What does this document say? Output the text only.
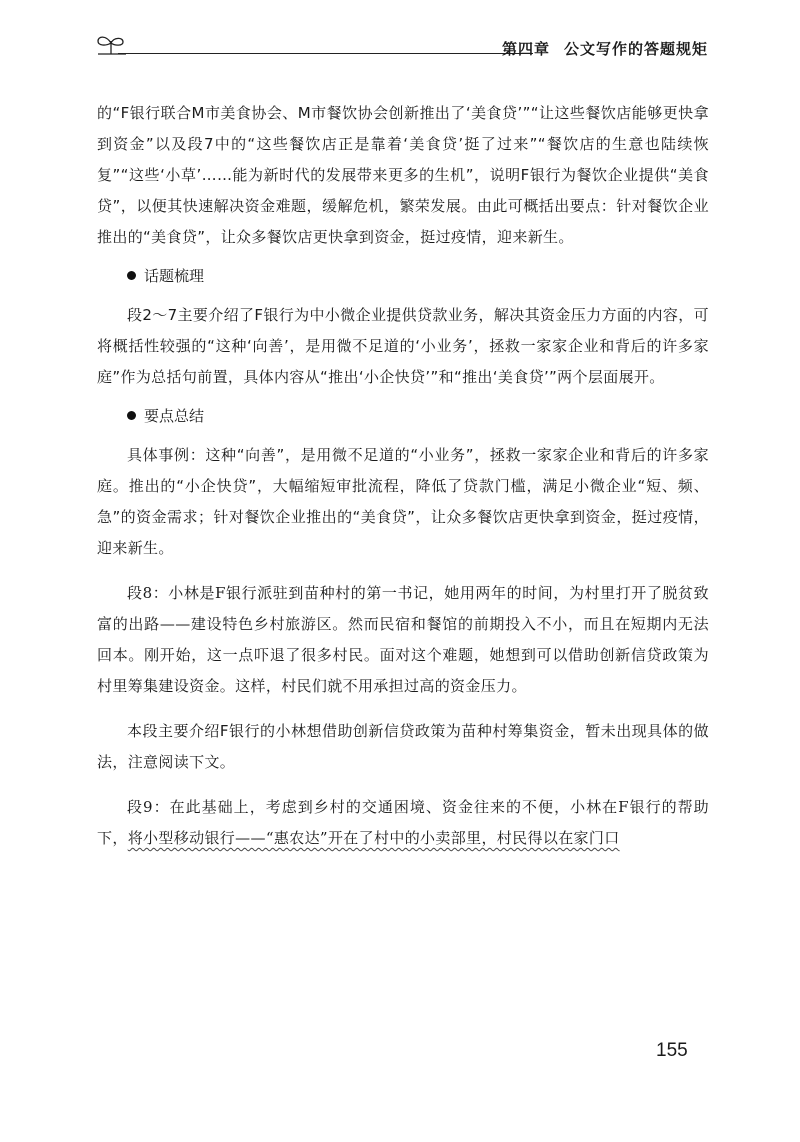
第四章 公文写作的答题规矩

的“F银行联合M市美食协会、M市餐饮协会创新推出了‘美食贷’”“让这些餐饮店能够更快拿到资金”以及段7中的“这些餐饮店正是靠着‘美食贷’挺了过来”“餐饮店的生意也陆续恢复”“这些‘小草’……能为新时代的发展带来更多的生机”，说明F银行为餐饮企业提供“美食贷”，以便其快速解决资金难题，缓解危机，繁荣发展。由此可概括出要点：针对餐饮企业推出的“美食贷”，让众多餐饮店更快拿到资金，挺过疫情，迎来新生。

话题梳理

段2～7主要介绍了F银行为中小微企业提供贷款业务，解决其资金压力方面的内容，可将概括性较强的“这种‘向善’，是用微不足道的‘小业务’，拯救一家家企业和背后的许多家庭”作为总括句前置，具体内容从“推出‘小企快贷’”和“推出‘美食贷’”两个层面展开。

要点总结

具体事例：这种“向善”，是用微不足道的“小业务”，拯救一家家企业和背后的许多家庭。推出的“小企快贷”，大幅缩短审批流程，降低了贷款门槛，满足小微企业“短、频、急”的资金需求；针对餐饮企业推出的“美食贷”，让众多餐饮店更快拿到资金，挺过疫情，迎来新生。

段8：小林是F银行派驻到苗种村的第一书记，她用两年的时间，为村里打开了脱贫致富的出路——建设特色乡村旅游区。然而民宿和餐馆的前期投入不小，而且在短期内无法回本。刚开始，这一点吓退了很多村民。面对这个难题，她想到可以借助创新信贷政策为村里筹集建设资金。这样，村民们就不用承担过高的资金压力。

本段主要介绍F银行的小林想借助创新信贷政策为苗种村筹集资金，暂未出现具体的做法，注意阅读下文。

段9：在此基础上，考虑到乡村的交通困境、资金往来的不便，小林在F银行的帮助下，将小型移动银行——“惠农达”开在了村中的小卖部里，村民得以在家门口

155
